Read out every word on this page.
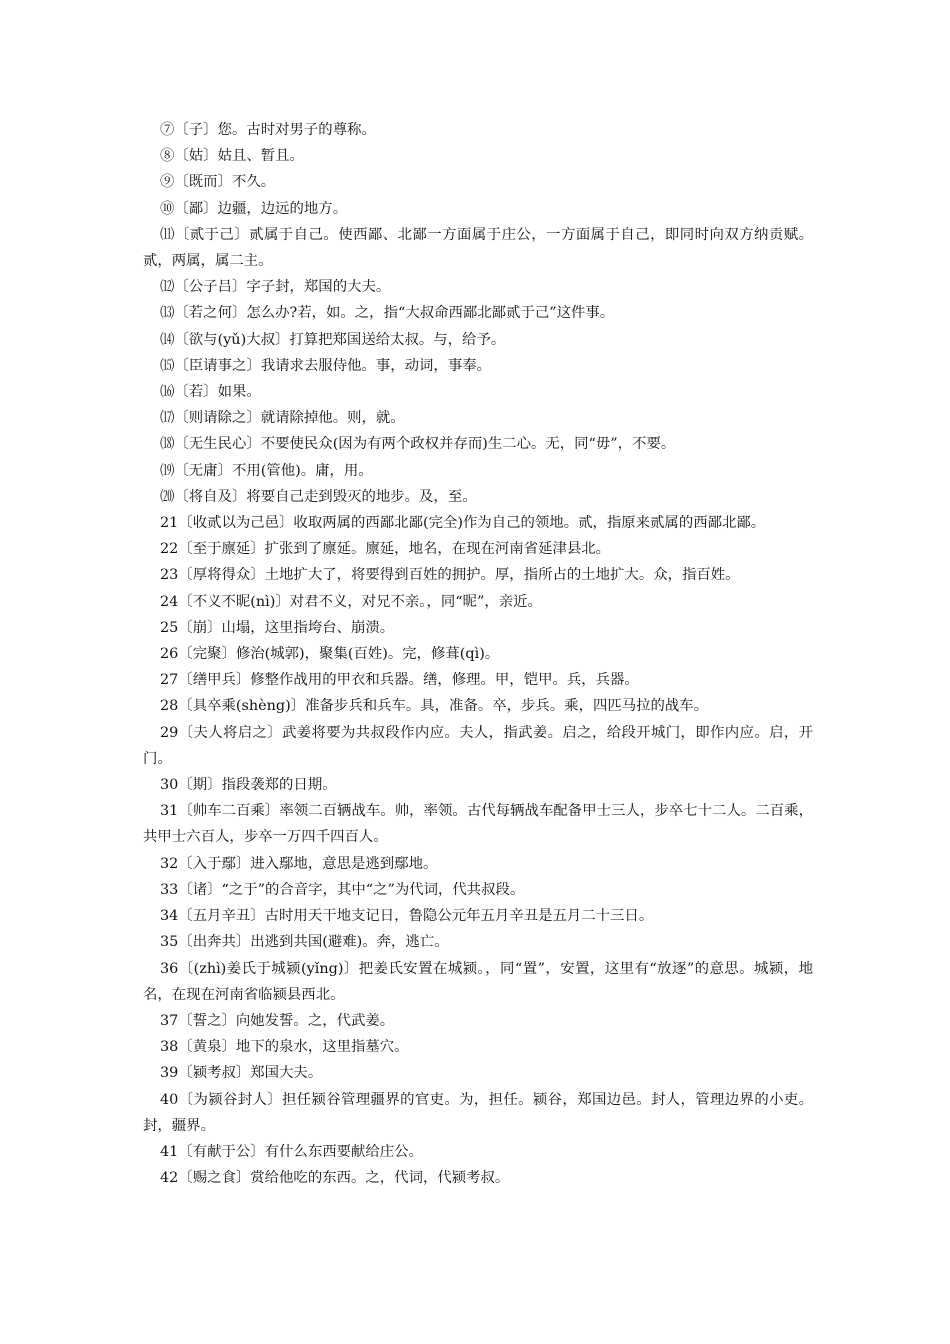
⑦〔子〕您。古时对男子的尊称。

⑧〔姑〕姑且、暂且。

⑨〔既而〕不久。

⑩〔鄙〕边疆，边远的地方。

⑾〔贰于己〕贰属于自己。使西鄙、北鄙一方面属于庄公，一方面属于自己，即同时向双方纳贡赋。贰，两属，属二主。

⑿〔公子吕〕字子封，郑国的大夫。

⒀〔若之何〕怎么办?若，如。之，指“大叔命西鄙北鄙贰于己”这件事。

⒁〔欲与(yǔ)大叔〕打算把郑国送给太叔。与，给予。

⒂〔臣请事之〕我请求去服侍他。事，动词，事奉。

⒃〔若〕如果。

⒄〔则请除之〕就请除掉他。则，就。

⒅〔无生民心〕不要使民众(因为有两个政权并存而)生二心。无，同“毋”，不要。

⒆〔无庸〕不用(管他)。庸，用。

⒇〔将自及〕将要自己走到毁灭的地步。及，至。

21〔收贰以为己邑〕收取两属的西鄙北鄙(完全)作为自己的领地。贰，指原来贰属的西鄙北鄙。

22〔至于廪延〕扩张到了廪延。廪延，地名，在现在河南省延津县北。

23〔厚将得众〕土地扩大了，将要得到百姓的拥护。厚，指所占的土地扩大。众，指百姓。

24〔不义不昵(nì)〕对君不义，对兄不亲。，同“昵”，亲近。

25〔崩〕山塌，这里指垮台、崩溃。

26〔完聚〕修治(城郭)，聚集(百姓)。完，修葺(qì)。

27〔缮甲兵〕修整作战用的甲衣和兵器。缮，修理。甲，铠甲。兵，兵器。

28〔具卒乘(shèng)〕准备步兵和兵车。具，准备。卒，步兵。乘，四匹马拉的战车。

29〔夫人将启之〕武姜将要为共叔段作内应。夫人，指武姜。启之，给段开城门，即作内应。启，开门。

30〔期〕指段袭郑的日期。

31〔帅车二百乘〕率领二百辆战车。帅，率领。古代每辆战车配备甲士三人，步卒七十二人。二百乘，共甲士六百人，步卒一万四千四百人。

32〔入于鄢〕进入鄢地，意思是逃到鄢地。

33〔诸〕“之于”的合音字，其中“之”为代词，代共叔段。

34〔五月辛丑〕古时用天干地支记日，鲁隐公元年五月辛丑是五月二十三日。

35〔出奔共〕出逃到共国(避难)。奔，逃亡。

36〔(zhì)姜氏于城颍(yǐng)〕把姜氏安置在城颍。，同“置”，安置，这里有“放逐”的意思。城颍，地名，在现在河南省临颍县西北。

37〔誓之〕向她发誓。之，代武姜。

38〔黄泉〕地下的泉水，这里指墓穴。

39〔颍考叔〕郑国大夫。

40〔为颍谷封人〕担任颍谷管理疆界的官吏。为，担任。颍谷，郑国边邑。封人，管理边界的小吏。封，疆界。

41〔有献于公〕有什么东西要献给庄公。

42〔赐之食〕赏给他吃的东西。之，代词，代颍考叔。
